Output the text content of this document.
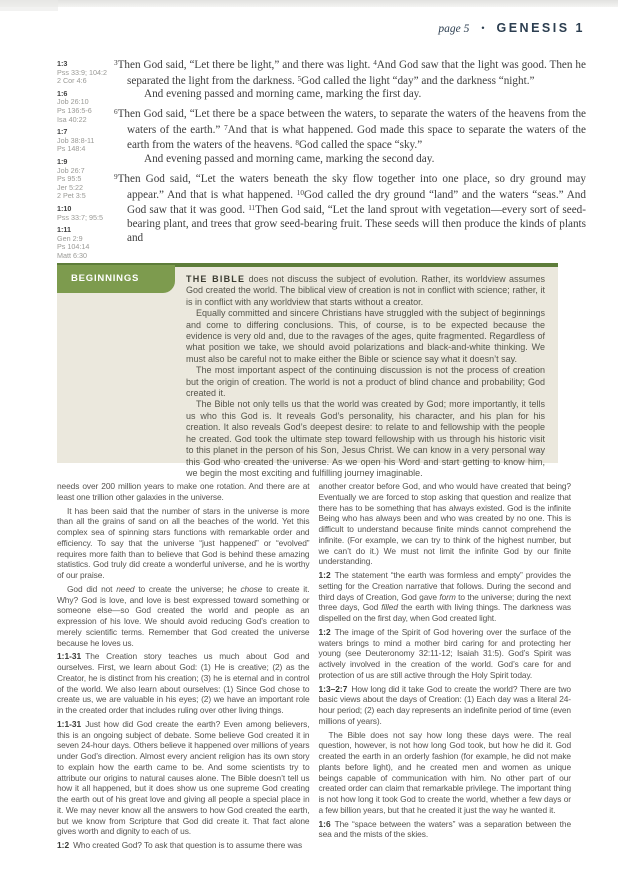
page 5 • GENESIS 1
1:3
Pss 33:9; 104:2
2 Cor 4:6
1:6
Job 26:10
Ps 136:5-6
Isa 40:22
1:7
Job 38:8-11
Ps 148:4
1:9
Job 26:7
Ps 95:5
Jer 5:22
2 Pet 3:5
1:10
Pss 33:7; 95:5
1:11
Gen 2:9
Ps 104:14
Matt 6:30

$^3$Then God said, “Let there be light,” and there was light. $^4$And God saw that the light was good. Then he separated the light from the darkness. $^5$God called the light “day” and the darkness “night.”

And evening passed and morning came, marking the first day.

$^6$Then God said, “Let there be a space between the waters, to separate the waters of the heavens from the waters of the earth.” $^7$And that is what happened. God made this space to separate the waters of the earth from the waters of the heavens. $^8$God called the space “sky.”

And evening passed and morning came, marking the second day.

$^9$Then God said, “Let the waters beneath the sky flow together into one place, so dry ground may appear.” And that is what happened. $^{10}$God called the dry ground “land” and the waters “seas.” And God saw that it was good. $^{11}$Then God said, “Let the land sprout with vegetation—every sort of seed-bearing plant, and trees that grow seed-bearing fruit. These seeds will then produce the kinds of plants and

THE BIBLE does not discuss the subject of evolution. Rather, its worldview assumes God created the world. The biblical view of creation is not in conflict with science; rather, it is in conflict with any worldview that starts without a creator.

Equally committed and sincere Christians have struggled with the subject of beginnings and come to differing conclusions. This, of course, is to be expected because the evidence is very old and, due to the ravages of the ages, quite fragmented. Regardless of what position we take, we should avoid polarizations and black-and-white thinking. We must also be careful not to make either the Bible or science say what it doesn’t say.

The most important aspect of the continuing discussion is not the process of creation but the origin of creation. The world is not a product of blind chance and probability; God created it.

The Bible not only tells us that the world was created by God; more importantly, it tells us who this God is. It reveals God’s personality, his character, and his plan for his creation. It also reveals God’s deepest desire: to relate to and fellowship with the people he created. God took the ultimate step toward fellowship with us through his historic visit to this planet in the person of his Son, Jesus Christ. We can know in a very personal way this God who created the universe. As we open his Word and start getting to know him, we begin the most exciting and fulfilling journey imaginable.

BEGINNINGS

needs over 200 million years to make one rotation. And there are at least one trillion other galaxies in the universe.

It has been said that the number of stars in the universe is more than all the grains of sand on all the beaches of the world. Yet this complex sea of spinning stars functions with remarkable order and efficiency. To say that the universe “just happened” or “evolved” requires more faith than to believe that God is behind these amazing statistics. God truly did create a wonderful universe, and he is worthy of our praise.

God did not need to create the universe; he chose to create it. Why? God is love, and love is best expressed toward something or someone else—so God created the world and people as an expression of his love. We should avoid reducing God’s creation to merely scientific terms. Remember that God created the universe because he loves us.

1:1-31 The Creation story teaches us much about God and ourselves. First, we learn about God: (1) He is creative; (2) as the Creator, he is distinct from his creation; (3) he is eternal and in control of the world. We also learn about ourselves: (1) Since God chose to create us, we are valuable in his eyes; (2) we have an important role in the created order that includes ruling over other living things.

1:1-31 Just how did God create the earth? Even among believers, this is an ongoing subject of debate. Some believe God created it in seven 24-hour days. Others believe it happened over millions of years under God’s direction. Almost every ancient religion has its own story to explain how the earth came to be. And some scientists try to attribute our origins to natural causes alone. The Bible doesn’t tell us how it all happened, but it does show us one supreme God creating the earth out of his great love and giving all people a special place in it. We may never know all the answers to how God created the earth, but we know from Scripture that God did create it. That fact alone gives worth and dignity to each of us.

1:2 Who created God? To ask that question is to assume there was

another creator before God, and who would have created that being? Eventually we are forced to stop asking that question and realize that there has to be something that has always existed. God is the infinite Being who has always been and who was created by no one. This is difficult to understand because finite minds cannot comprehend the infinite. (For example, we can try to think of the highest number, but we can’t do it.) We must not limit the infinite God by our finite understanding.

1:2 The statement “the earth was formless and empty” provides the setting for the Creation narrative that follows. During the second and third days of Creation, God gave form to the universe; during the next three days, God filled the earth with living things. The darkness was dispelled on the first day, when God created light.

1:2 The image of the Spirit of God hovering over the surface of the waters brings to mind a mother bird caring for and protecting her young (see Deuteronomy 32:11-12; Isaiah 31:5). God’s Spirit was actively involved in the creation of the world. God’s care for and protection of us are still active through the Holy Spirit today.

1:3–2:7 How long did it take God to create the world? There are two basic views about the days of Creation: (1) Each day was a literal 24-hour period; (2) each day represents an indefinite period of time (even millions of years).

The Bible does not say how long these days were. The real question, however, is not how long God took, but how he did it. God created the earth in an orderly fashion (for example, he did not make plants before light), and he created men and women as unique beings capable of communication with him. No other part of our created order can claim that remarkable privilege. The important thing is not how long it took God to create the world, whether a few days or a few billion years, but that he created it just the way he wanted it.

1:6 The “space between the waters” was a separation between the sea and the mists of the skies.
